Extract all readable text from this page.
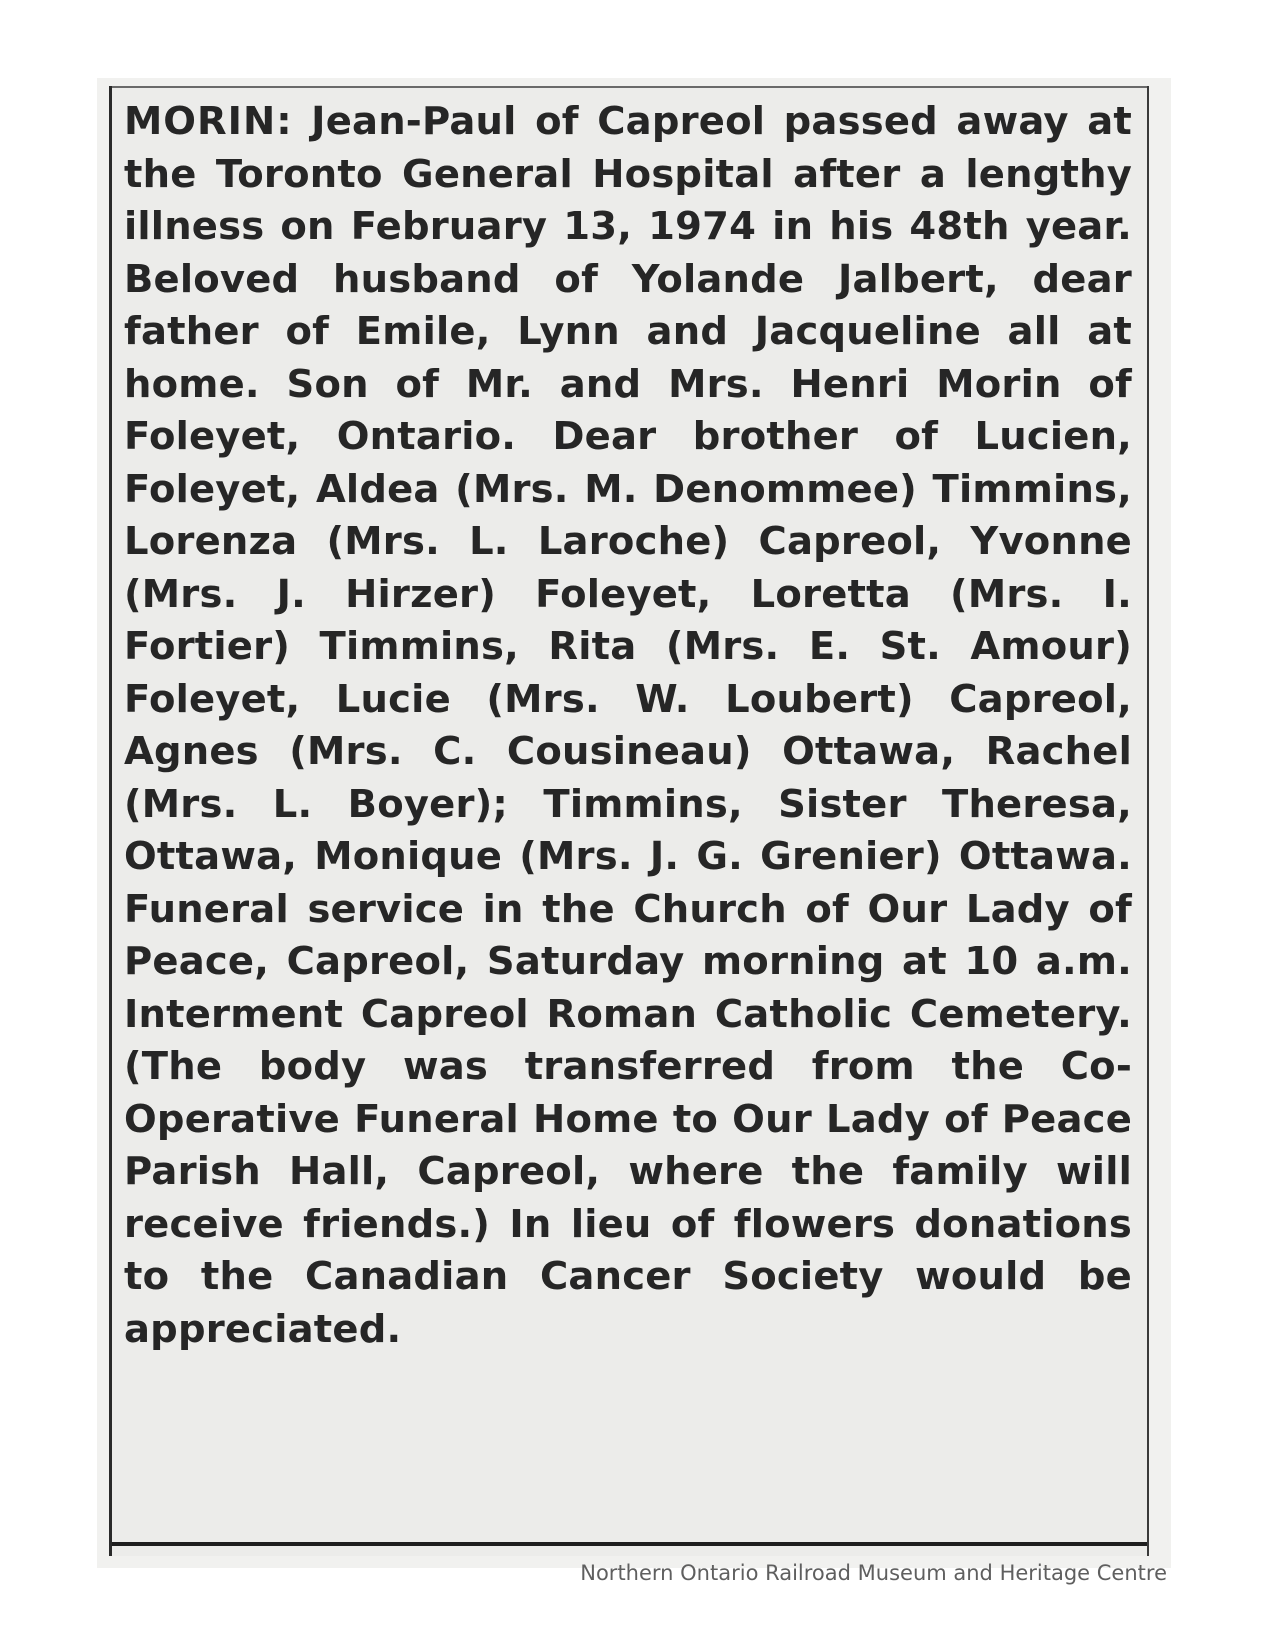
MORIN: Jean-Paul of Capreol passed away at the Toronto General Hospital after a lengthy illness on February 13, 1974 in his 48th year. Beloved husband of Yolande Jalbert, dear father of Emile, Lynn and Jacqueline all at home. Son of Mr. and Mrs. Henri Morin of Foleyet, Ontario. Dear brother of Lucien, Foleyet, Aldea (Mrs. M. Denommee) Timmins, Lorenza (Mrs. L. Laroche) Capreol, Yvonne (Mrs. J. Hirzer) Foleyet, Loretta (Mrs. I. Fortier) Timmins, Rita (Mrs. E. St. Amour) Foleyet, Lucie (Mrs. W. Loubert) Capreol, Agnes (Mrs. C. Cousineau) Ottawa, Rachel (Mrs. L. Boyer); Timmins, Sister Theresa, Ottawa, Monique (Mrs. J. G. Grenier) Ottawa. Funeral service in the Church of Our Lady of Peace, Capreol, Saturday morning at 10 a.m. Interment Capreol Roman Catholic Cemetery. (The body was transferred from the Co-Operative Funeral Home to Our Lady of Peace Parish Hall, Capreol, where the family will receive friends.) In lieu of flowers donations to the Canadian Cancer Society would be appreciated.

Northern Ontario Railroad Museum and Heritage Centre
